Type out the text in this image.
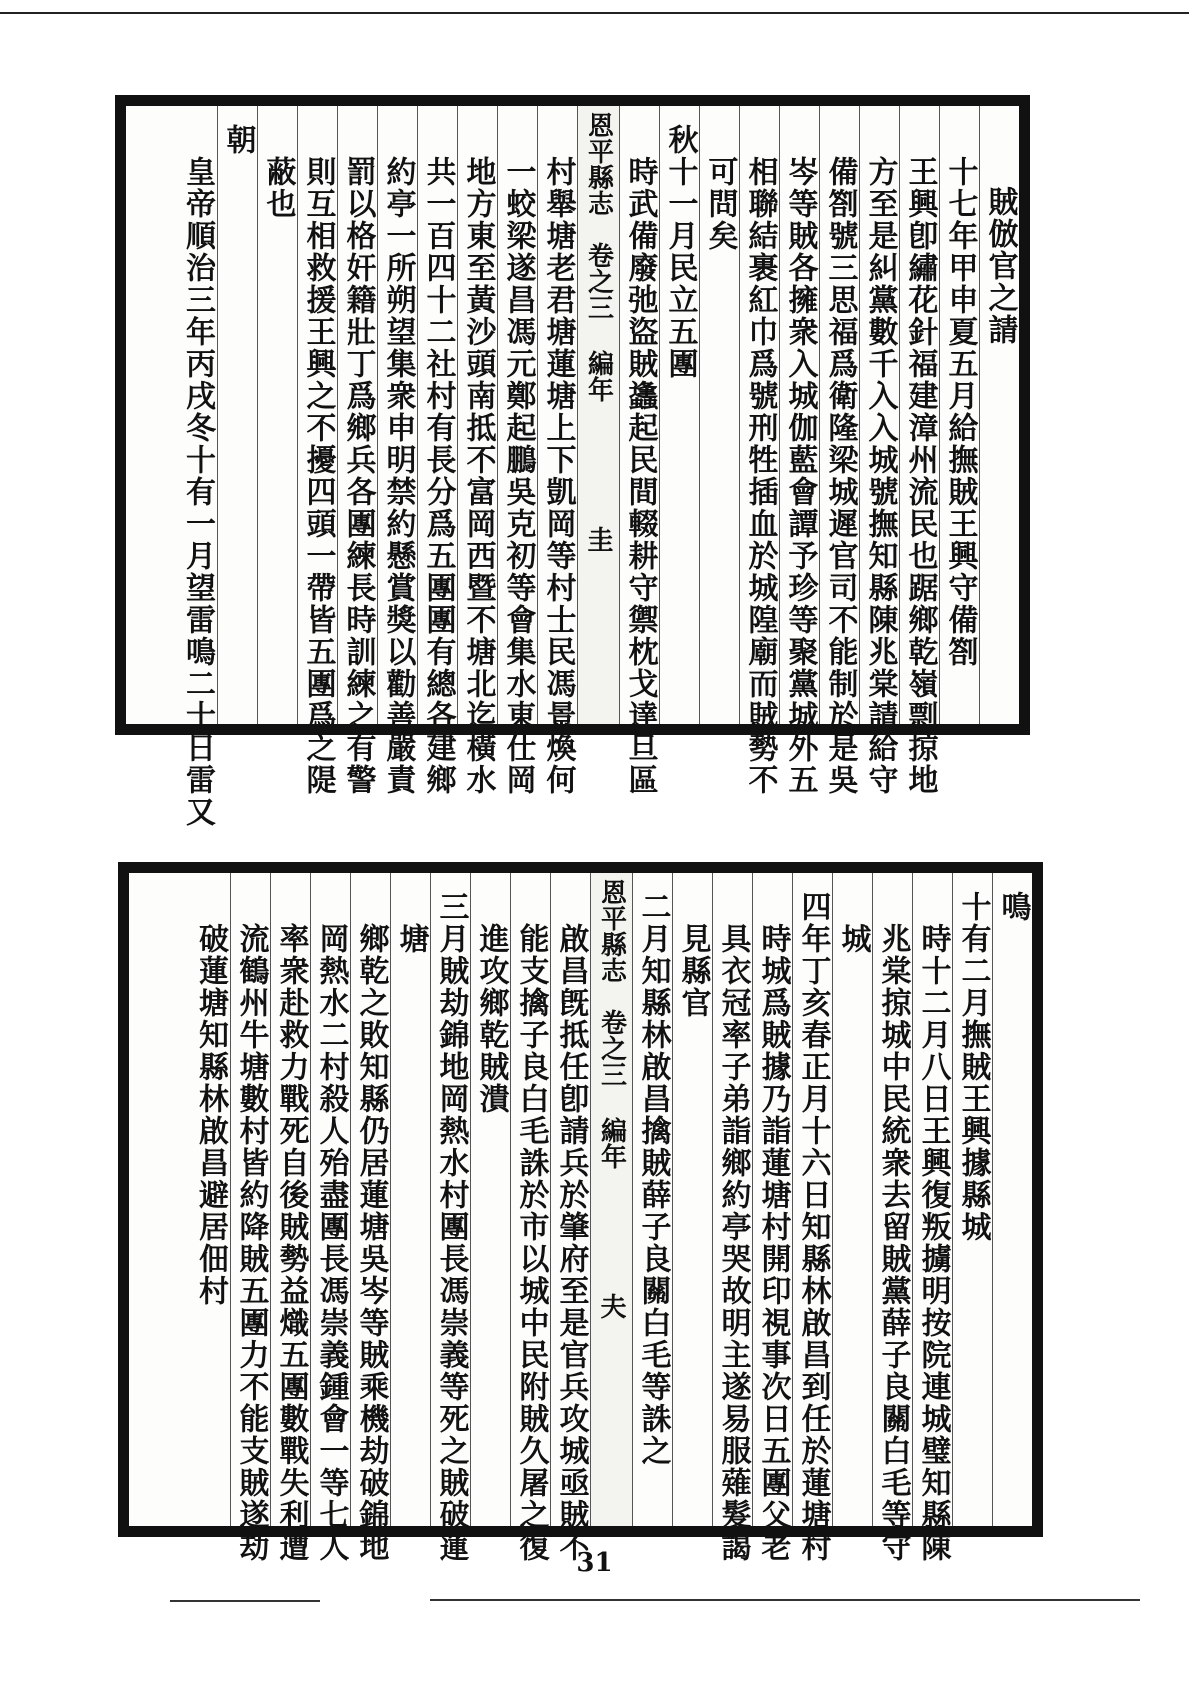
賊倣官之請
十七年甲申夏五月給撫賊王興守備劄
王興卽繡花針福建漳州流民也踞鄉乾嶺剽掠地
方至是糾黨數千入入城號撫知縣陳兆棠請給守
備劄號三思福爲衛隆梁城遲官司不能制於是吳
岑等賊各擁衆入城伽藍會譚予珍等聚黨城外五
相聯結裹紅巾爲號刑牲插血於城隍廟而賊勢不
可問矣
秋十一月民立五團
時武備廢弛盜賊蠭起民間輟耕守禦枕戈達旦區
恩平縣志　卷之三 編年
圭
村舉塘老君塘蓮塘上下凱岡等村士民馮景煥何
一蛟梁遂昌馮元鄭起鵬吳克初等會集水東仕岡
地方東至黃沙頭南抵不富岡西暨不塘北迄橫水
共一百四十二社村有長分爲五團團有總各建鄉
約亭一所朔望集衆申明禁約懸賞獎以勸善嚴責
罰以格奸籍壯丁爲鄉兵各團練長時訓練之有警
則互相救援王興之不擾四頭一帶皆五團爲之隄
蔽也
朝
皇帝順治三年丙戌冬十有一月望雷鳴二十日雷又
鳴
十有二月撫賊王興據縣城
時十二月八日王興復叛擄明按院連城璧知縣陳
兆棠掠城中民統衆去留賊黨薛子良關白毛等守
城
四年丁亥春正月十六日知縣林啟昌到任於蓮塘村
時城爲賊據乃詣蓮塘村開印視事次日五團父老
具衣冠率子弟詣鄉約亭哭故明主遂易服薙髮謁
見縣官
二月知縣林啟昌擒賊薛子良關白毛等誅之
恩平縣志　卷之三 編年
夫
啟昌旣抵任卽請兵於肇府至是官兵攻城亟賊不
能支擒子良白毛誅於市以城中民附賊久屠之復
進攻鄉乾賊潰
三月賊劫錦地岡熱水村團長馮崇義等死之賊破蓮
塘
鄉乾之敗知縣仍居蓮塘吳岑等賊乘機劫破錦地
岡熱水二村殺人殆盡團長馮崇義鍾會一等七人
率衆赴救力戰死自後賊勢益熾五團數戰失利遭
流鶴州牛塘數村皆約降賊五團力不能支賊遂劫
破蓮塘知縣林啟昌避居佃村
31
